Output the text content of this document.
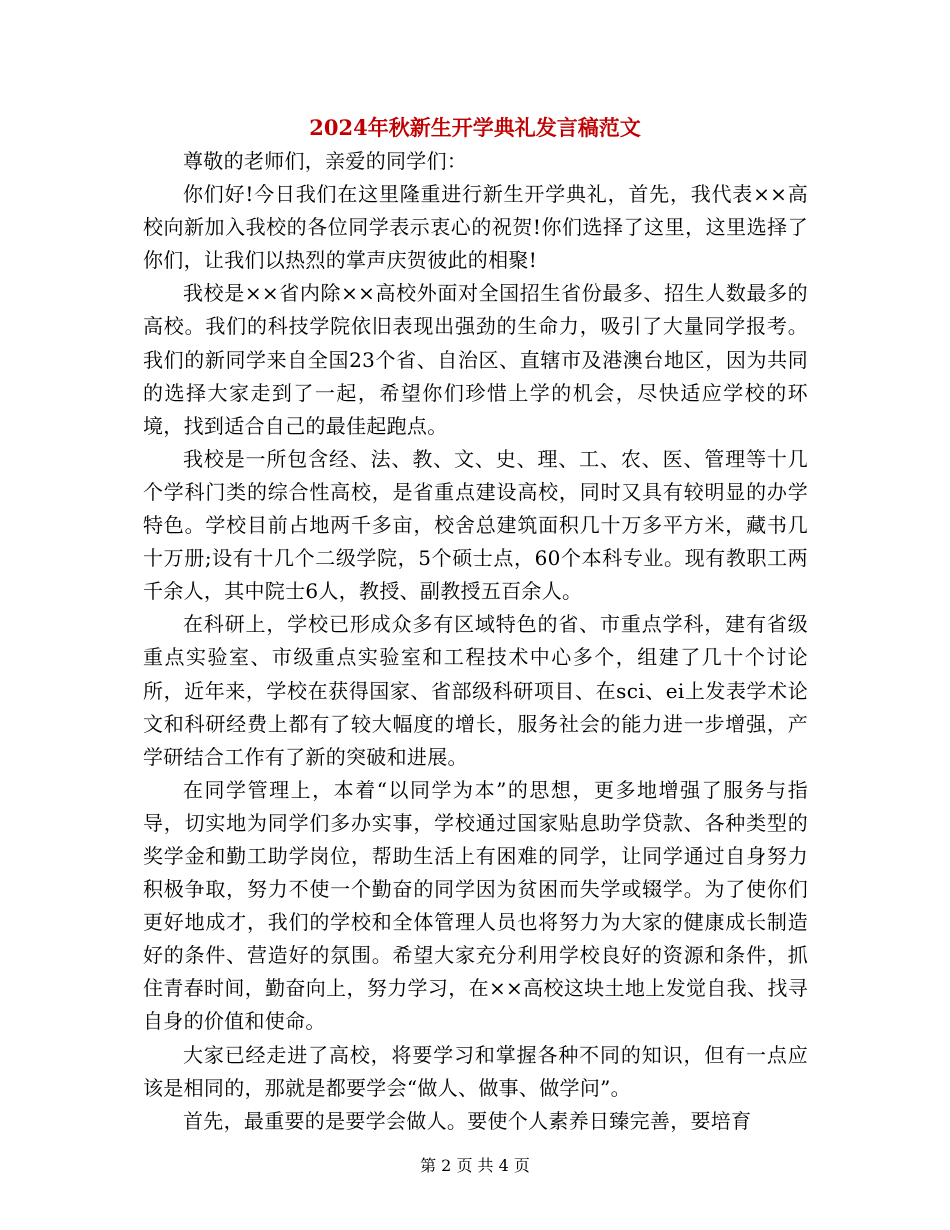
2024年秋新生开学典礼发言稿范文

尊敬的老师们，亲爱的同学们：

你们好!今日我们在这里隆重进行新生开学典礼，首先，我代表××高校向新加入我校的各位同学表示衷心的祝贺!你们选择了这里，这里选择了你们，让我们以热烈的掌声庆贺彼此的相聚!

我校是××省内除××高校外面对全国招生省份最多、招生人数最多的高校。我们的科技学院依旧表现出强劲的生命力，吸引了大量同学报考。我们的新同学来自全国23个省、自治区、直辖市及港澳台地区，因为共同的选择大家走到了一起，希望你们珍惜上学的机会，尽快适应学校的环境，找到适合自己的最佳起跑点。

我校是一所包含经、法、教、文、史、理、工、农、医、管理等十几个学科门类的综合性高校，是省重点建设高校，同时又具有较明显的办学特色。学校目前占地两千多亩，校舍总建筑面积几十万多平方米，藏书几十万册;设有十几个二级学院，5个硕士点，60个本科专业。现有教职工两千余人，其中院士6人，教授、副教授五百余人。

在科研上，学校已形成众多有区域特色的省、市重点学科，建有省级重点实验室、市级重点实验室和工程技术中心多个，组建了几十个讨论所，近年来，学校在获得国家、省部级科研项目、在sci、ei上发表学术论文和科研经费上都有了较大幅度的增长，服务社会的能力进一步增强，产学研结合工作有了新的突破和进展。

在同学管理上，本着“以同学为本”的思想，更多地增强了服务与指导，切实地为同学们多办实事，学校通过国家贴息助学贷款、各种类型的奖学金和勤工助学岗位，帮助生活上有困难的同学，让同学通过自身努力积极争取，努力不使一个勤奋的同学因为贫困而失学或辍学。为了使你们更好地成才，我们的学校和全体管理人员也将努力为大家的健康成长制造好的条件、营造好的氛围。希望大家充分利用学校良好的资源和条件，抓住青春时间，勤奋向上，努力学习，在××高校这块土地上发觉自我、找寻自身的价值和使命。

大家已经走进了高校，将要学习和掌握各种不同的知识，但有一点应该是相同的，那就是都要学会“做人、做事、做学问”。

首先，最重要的是要学会做人。要使个人素养日臻完善，要培育

第 2 页 共 4 页
